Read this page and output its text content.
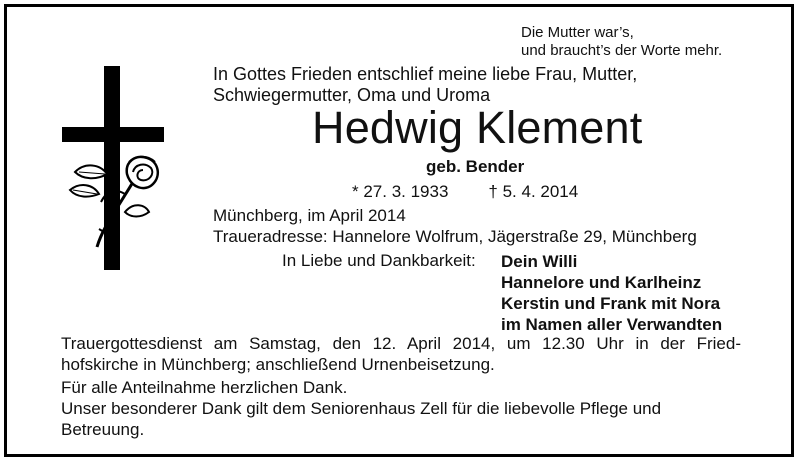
Die Mutter war’s,
und braucht’s der Worte mehr.
In Gottes Frieden entschlief meine liebe Frau, Mutter,
Schwiegermutter, Oma und Uroma
Hedwig Klement
geb. Bender
* 27. 3. 1933 † 5. 4. 2014
Münchberg, im April 2014
Traueradresse: Hannelore Wolfrum, Jägerstraße 29, Münchberg
In Liebe und Dankbarkeit: Dein Willi
Hannelore und Karlheinz
Kerstin und Frank mit Nora
im Namen aller Verwandten
Trauergottesdienst am Samstag, den 12. April 2014, um 12.30 Uhr in der Fried-
hofskirche in Münchberg; anschließend Urnenbeisetzung.
Für alle Anteilnahme herzlichen Dank.
Unser besonderer Dank gilt dem Seniorenhaus Zell für die liebevolle Pflege und
Betreuung.
